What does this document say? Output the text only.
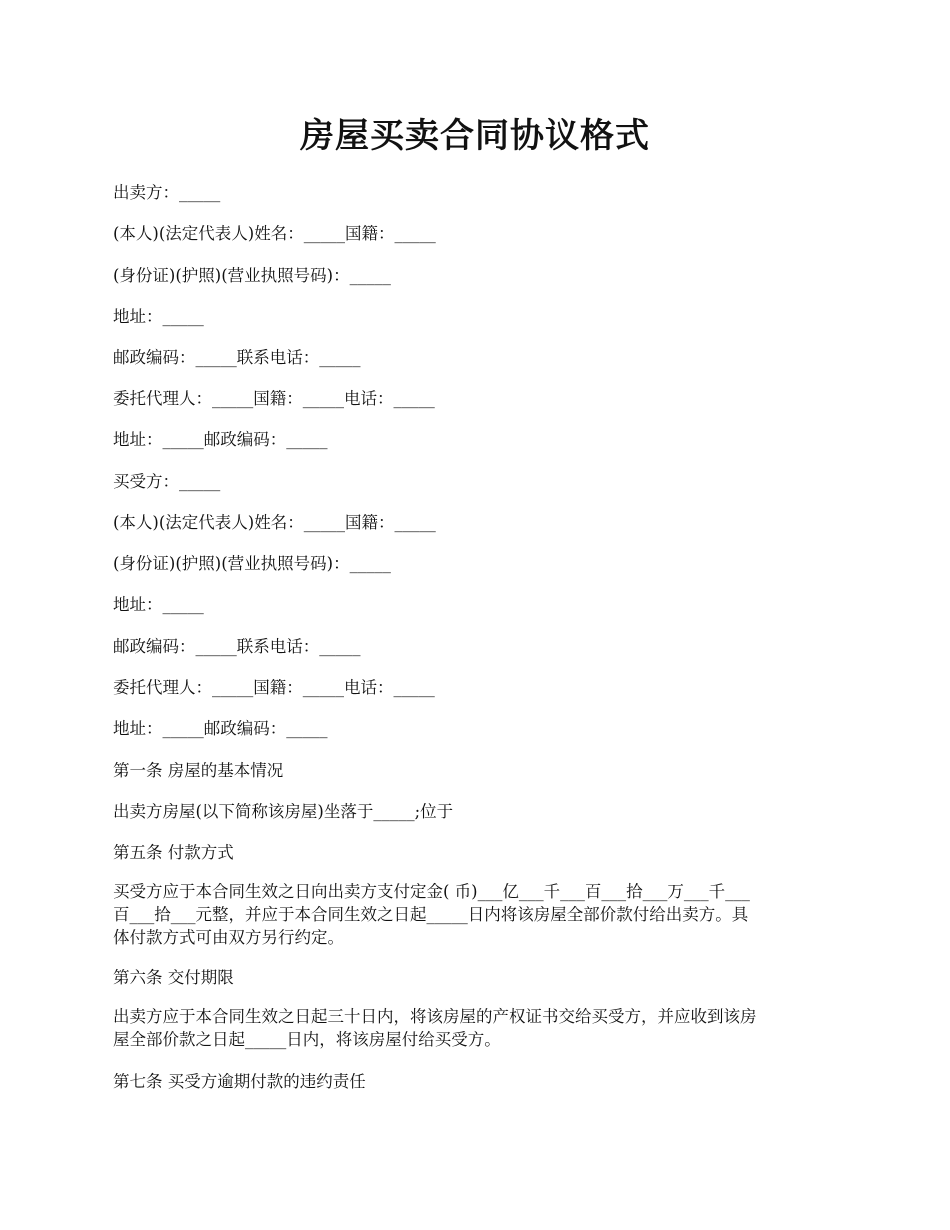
房屋买卖合同协议格式

出卖方：_____

(本人)(法定代表人)姓名：_____国籍：_____

(身份证)(护照)(营业执照号码)：_____

地址：_____

邮政编码：_____联系电话：_____

委托代理人：_____国籍：_____电话：_____

地址：_____邮政编码：_____

买受方：_____

(本人)(法定代表人)姓名：_____国籍：_____

(身份证)(护照)(营业执照号码)：_____

地址：_____

邮政编码：_____联系电话：_____

委托代理人：_____国籍：_____电话：_____

地址：_____邮政编码：_____

第一条 房屋的基本情况

出卖方房屋(以下简称该房屋)坐落于_____;位于

第五条 付款方式

买受方应于本合同生效之日向出卖方支付定金( 币)___亿___千___百___拾___万___千___
百___拾___元整，并应于本合同生效之日起_____日内将该房屋全部价款付给出卖方。具
体付款方式可由双方另行约定。

第六条 交付期限

出卖方应于本合同生效之日起三十日内，将该房屋的产权证书交给买受方，并应收到该房
屋全部价款之日起_____日内，将该房屋付给买受方。

第七条 买受方逾期付款的违约责任
